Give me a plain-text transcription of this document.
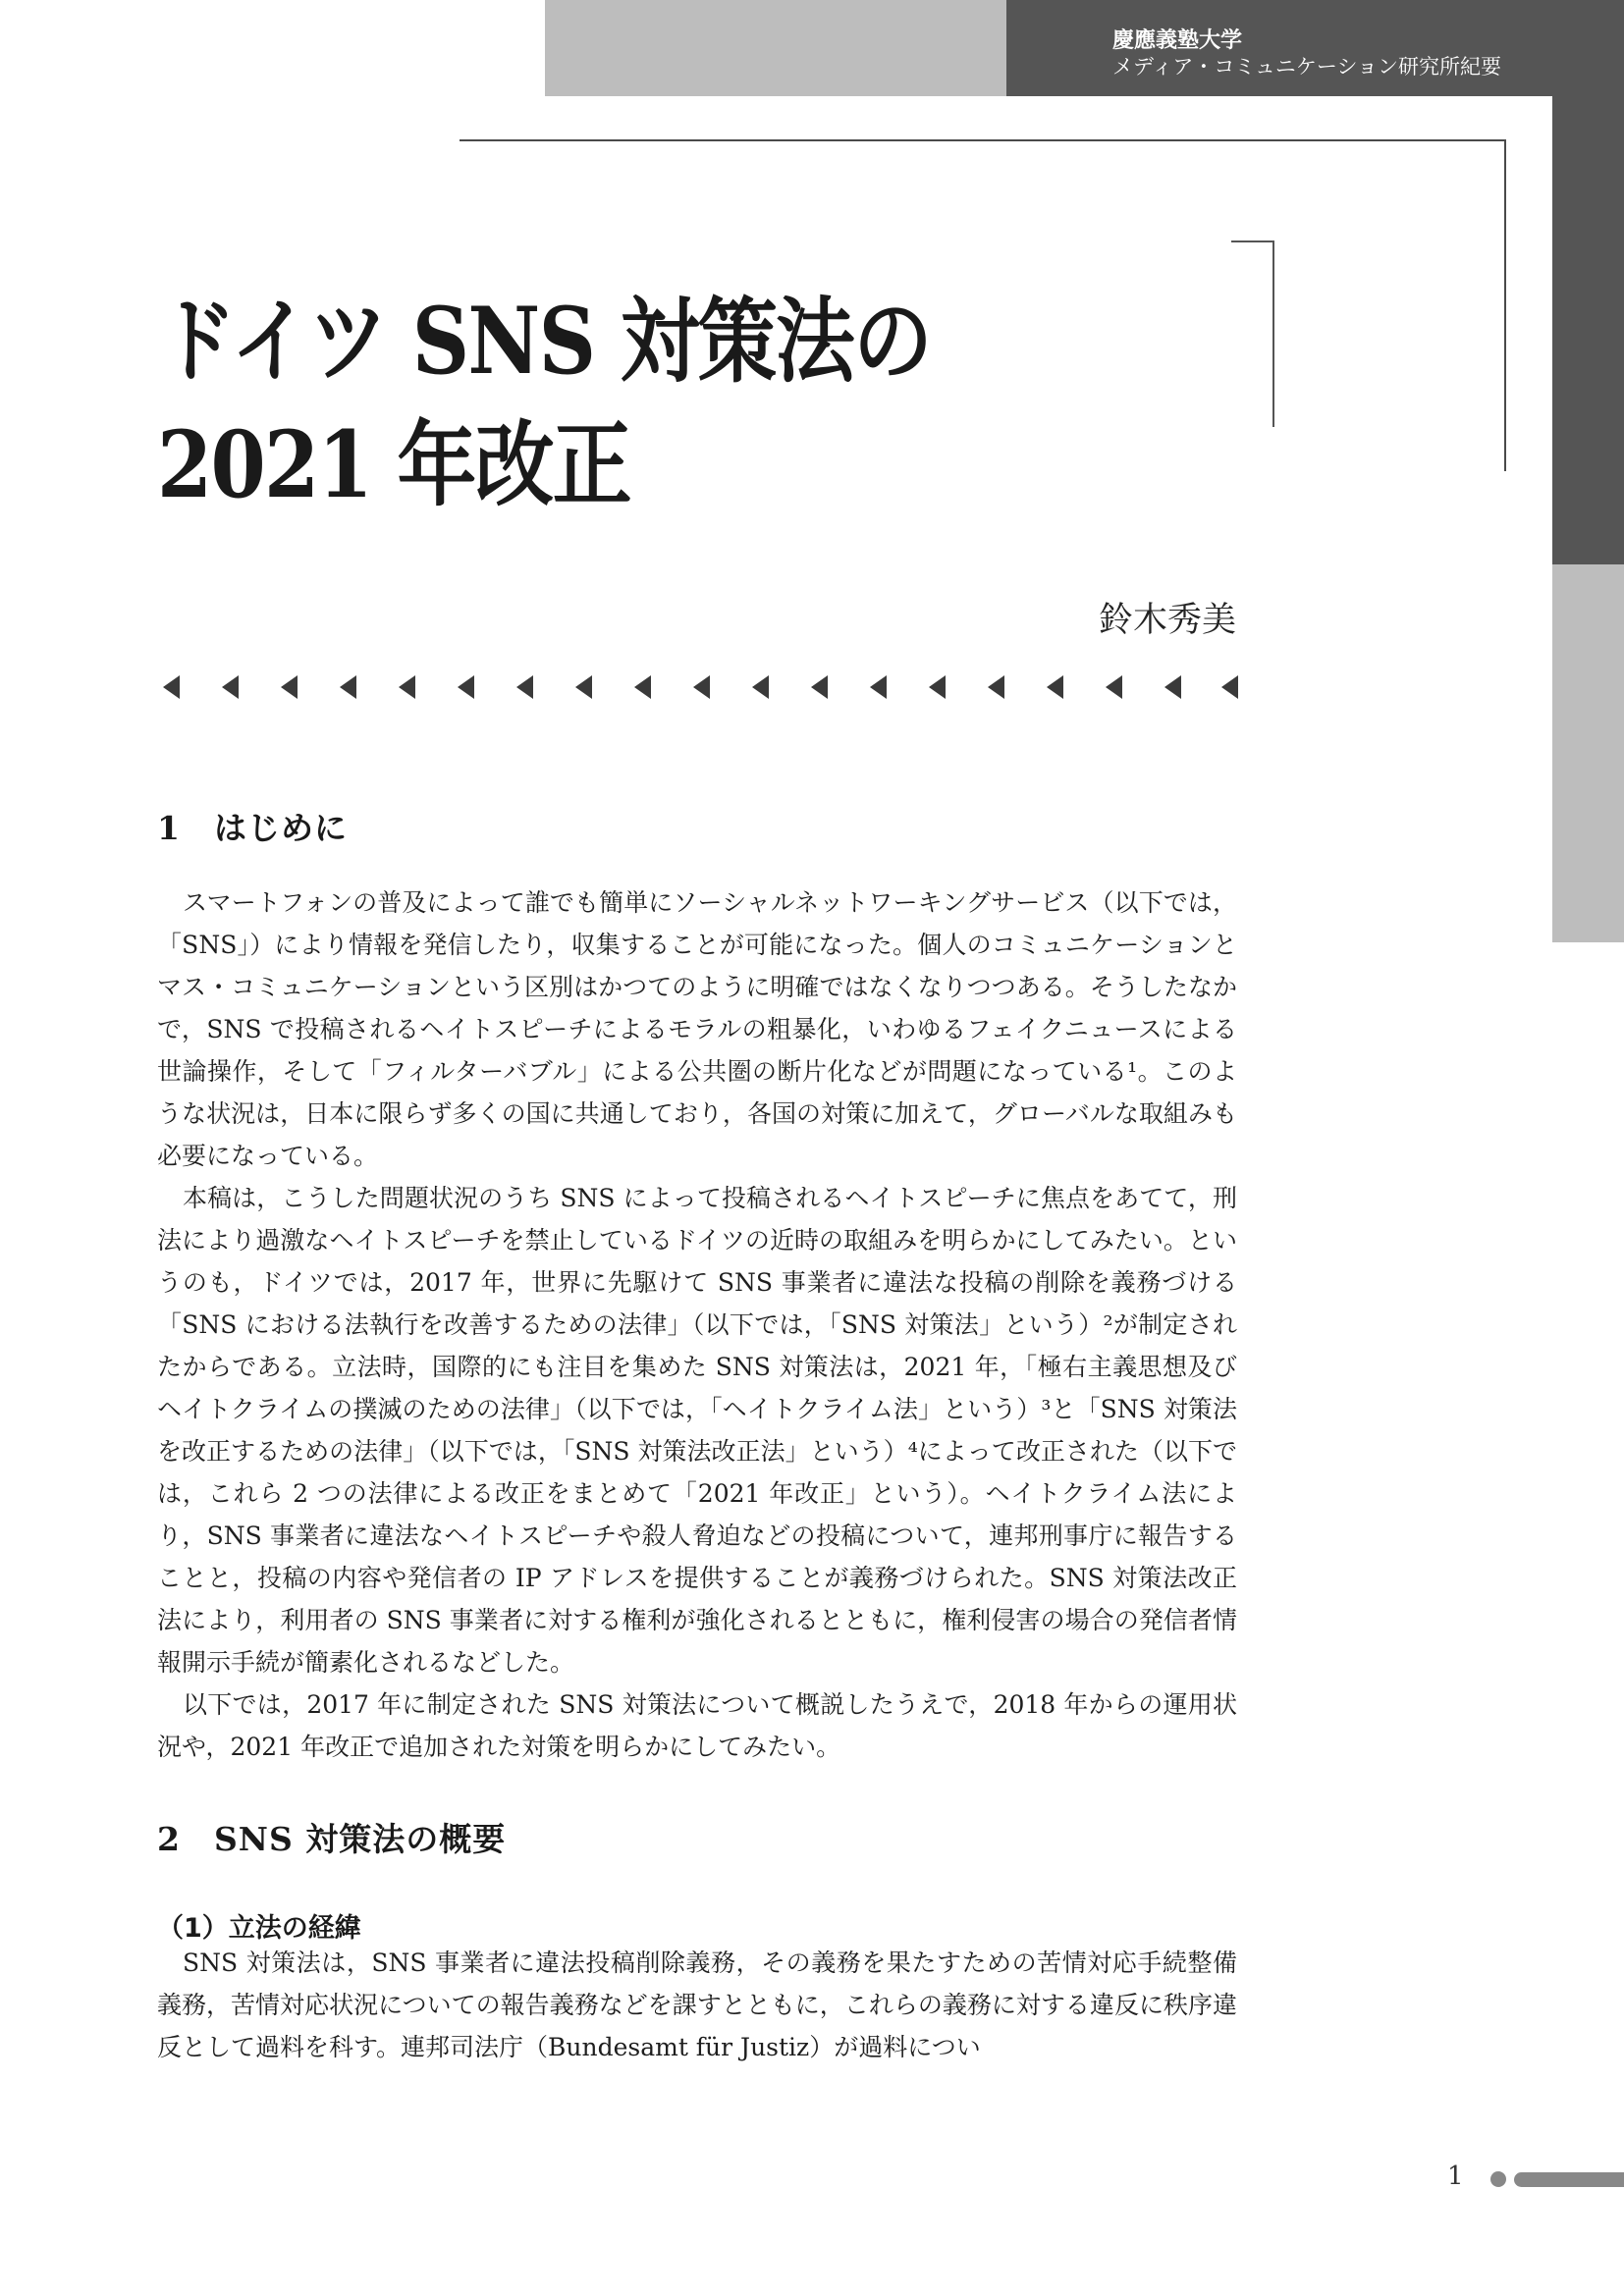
慶應義塾大学
メディア・コミュニケーション研究所紀要
ドイツ SNS 対策法の
2021 年改正
鈴木秀美
1　はじめに

スマートフォンの普及によって誰でも簡単にソーシャルネットワーキングサービス（以下では，「SNS」）により情報を発信したり，収集することが可能になった。個人のコミュニケーションとマス・コミュニケーションという区別はかつてのように明確ではなくなりつつある。そうしたなかで，SNS で投稿されるヘイトスピーチによるモラルの粗暴化，いわゆるフェイクニュースによる世論操作，そして「フィルターバブル」による公共圏の断片化などが問題になっている¹。このような状況は，日本に限らず多くの国に共通しており，各国の対策に加えて，グローバルな取組みも必要になっている。

本稿は，こうした問題状況のうち SNS によって投稿されるヘイトスピーチに焦点をあてて，刑法により過激なヘイトスピーチを禁止しているドイツの近時の取組みを明らかにしてみたい。というのも，ドイツでは，2017 年，世界に先駆けて SNS 事業者に違法な投稿の削除を義務づける「SNS における法執行を改善するための法律」（以下では，「SNS 対策法」という）²が制定されたからである。立法時，国際的にも注目を集めた SNS 対策法は，2021 年，「極右主義思想及びヘイトクライムの撲滅のための法律」（以下では，「ヘイトクライム法」という）³と「SNS 対策法を改正するための法律」（以下では，「SNS 対策法改正法」という）⁴によって改正された（以下では，これら 2 つの法律による改正をまとめて「2021 年改正」という）。ヘイトクライム法により，SNS 事業者に違法なヘイトスピーチや殺人脅迫などの投稿について，連邦刑事庁に報告することと，投稿の内容や発信者の IP アドレスを提供することが義務づけられた。SNS 対策法改正法により，利用者の SNS 事業者に対する権利が強化されるとともに，権利侵害の場合の発信者情報開示手続が簡素化されるなどした。

以下では，2017 年に制定された SNS 対策法について概説したうえで，2018 年からの運用状況や，2021 年改正で追加された対策を明らかにしてみたい。

2　SNS 対策法の概要
（1）立法の経緯

SNS 対策法は，SNS 事業者に違法投稿削除義務，その義務を果たすための苦情対応手続整備義務，苦情対応状況についての報告義務などを課すとともに，これらの義務に対する違反に秩序違反として過料を科す。連邦司法庁（Bundesamt für Justiz）が過料につい

1
